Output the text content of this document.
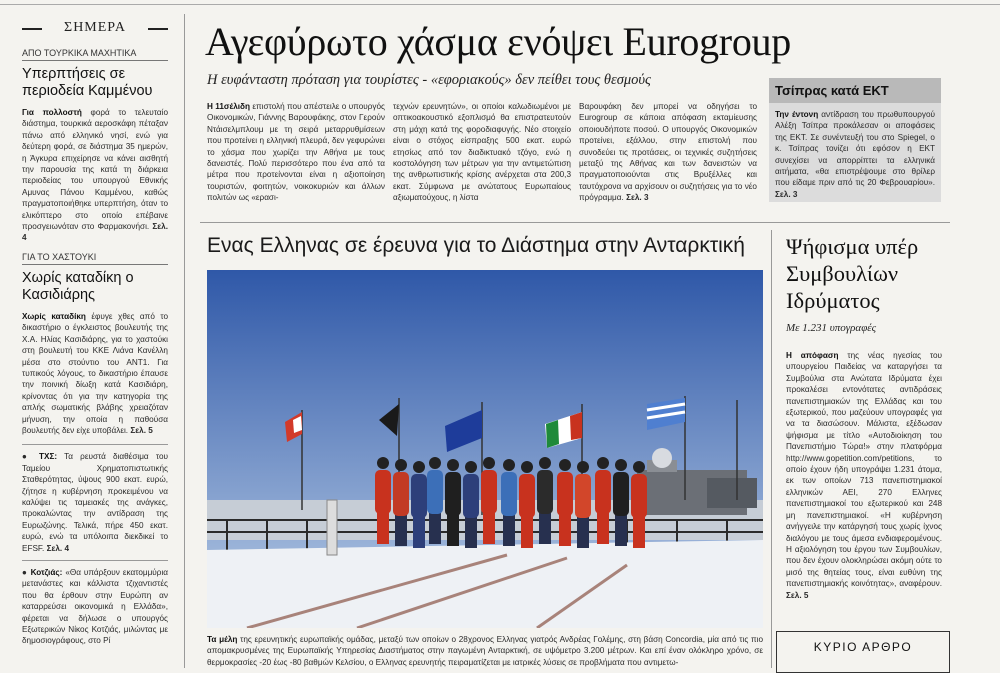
ΣΗΜΕΡΑ
ΑΠΟ ΤΟΥΡΚΙΚΑ ΜΑΧΗΤΙΚΑ
Υπερπτήσεις σε περιοδεία Καμμένου
Για πολλοστή φορά το τελευταίο διάστημα, τουρκικά αεροσκάφη πέταξαν πάνω από ελληνικό νησί, ενώ για δεύτερη φορά, σε διάστημα 35 ημερών, η Άγκυρα επιχείρησε να κάνει αισθητή την παρουσία της κατά τη διάρκεια περιοδείας του υπουργού Εθνικής Αμυνας Πάνου Καμμένου, καθώς πραγματοποιήθηκε υπερπτήση, όταν το ελικόπτερο στο οποίο επέβαινε προσγειωνόταν στο Φαρμακονήσι. Σελ. 4
ΓΙΑ ΤΟ ΧΑΣΤΟΥΚΙ
Χωρίς καταδίκη ο Κασιδιάρης
Χωρίς καταδίκη έφυγε χθες από το δικαστήριο ο έγκλειστος βουλευτής της Χ.Α. Ηλίας Κασιδιάρης, για το χαστούκι στη βουλευτή του ΚΚΕ Λιάνα Κανέλλη μέσα στο στούντιο του ΑΝΤ1. Για τυπικούς λόγους, το δικαστήριο έπαυσε την ποινική δίωξη κατά Κασιδιάρη, κρίνοντας ότι για την κατηγορία της απλής σωματικής βλάβης χρειαζόταν μήνυση, την οποία η παθούσα βουλευτής δεν είχε υποβάλει. Σελ. 5
● ΤΧΣ: Τα ρευστά διαθέσιμα του Ταμείου Χρηματοπιστωτικής Σταθερότητας, ύψους 900 εκατ. ευρώ, ζήτησε η κυβέρνηση προκειμένου να καλύψει τις ταμειακές της ανάγκες, προκαλώντας την αντίδραση της Ευρωζώνης. Τελικά, πήρε 450 εκατ. ευρώ, ενώ τα υπόλοιπα διεκδικεί το EFSF. Σελ. 4
● Κοτζιάς: «Θα υπάρξουν εκατομμύρια μετανάστες και κάλλιστα τζιχαντιστές που θα έρθουν στην Ευρώπη αν καταρρεύσει οικονομικά η Ελλάδα», φέρεται να δήλωσε ο υπουργός Εξωτερικών Νίκος Κοτζιάς, μιλώντας με δημοσιογράφους, στο Ρί
Αγεφύρωτο χάσμα ενόψει Eurogroup
Η ευφάνταστη πρόταση για τουρίστες - «εφοριακούς» δεν πείθει τους θεσμούς
Η 11σέλιδη επιστολή που απέστειλε ο υπουργός Οικονομικών, Γιάννης Βαρουφάκης, στον Γερούν Ντάισελμπλουμ με τη σειρά μεταρρυθμίσεων που προτείνει η ελληνική πλευρά, δεν γεφυρώνει το χάσμα που χωρίζει την Αθήνα με τους δανειστές. Πολύ περισσότερο που ένα από τα μέτρα που προτείνονται είναι η αξιοποίηση τουριστών, φοιτητών, νοικοκυριών και άλλων πολιτών ως «ερασι-
τεχνών ερευνητών», οι οποίοι καλωδιωμένοι με οπτικοακουστικό εξοπλισμό θα επιστρατευτούν στη μάχη κατά της φοροδιαφυγής. Νέο στοιχείο είναι ο στόχος είσπραξης 500 εκατ. ευρώ ετησίως από τον διαδικτυακό τζόγο, ενώ η κοστολόγηση των μέτρων για την αντιμετώπιση της ανθρωπιστικής κρίσης ανέρχεται στα 200,3 εκατ. Σύμφωνα με ανώτατους Ευρωπαίους αξιωματούχους, η λίστα
Βαρουφάκη δεν μπορεί να οδηγήσει το Eurogroup σε κάποια απόφαση εκταμίευσης οποιουδήποτε ποσού. Ο υπουργός Οικονομικών προτείνει, εξάλλου, στην επιστολή που συνοδεύει τις προτάσεις, οι τεχνικές συζητήσεις μεταξύ της Αθήνας και των δανειστών να πραγματοποιούνται στις Βρυξέλλες και ταυτόχρονα να αρχίσουν οι συζητήσεις για το νέο πρόγραμμα. Σελ. 3
Τσίπρας κατά ΕΚΤ
Την έντονη αντίδραση του πρωθυπουργού Αλέξη Τσίπρα προκάλεσαν οι αποφάσεις της ΕΚΤ. Σε συνέντευξή του στο Spiegel, ο κ. Τσίπρας τονίζει ότι εφόσον η ΕΚΤ συνεχίσει να απορρίπτει τα ελληνικά αιτήματα, «θα επιστρέψουμε στο θρίλερ που είδαμε πριν από τις 20 Φεβρουαρίου». Σελ. 3
Ενας Ελληνας σε έρευνα για το Διάστημα στην Ανταρκτική
Τα μέλη της ερευνητικής ευρωπαϊκής ομάδας, μεταξύ των οποίων ο 28χρονος Ελληνας γιατρός Ανδρέας Γολέμης, στη βάση Concordia, μία από τις πιο απομακρυσμένες της Ευρωπαϊκής Υπηρεσίας Διαστήματος στην παγωμένη Ανταρκτική, σε υψόμετρο 3.200 μέτρων. Και επί έναν ολόκληρο χρόνο, σε θερμοκρασίες -20 έως -80 βαθμών Κελσίου, ο Ελληνας ερευνητής πειραματίζεται με ιατρικές λύσεις σε προβλήματα που αντιμετω-
Ψήφισμα υπέρ Συμβουλίων Ιδρύματος
Με 1.231 υπογραφές
Η απόφαση της νέας ηγεσίας του υπουργείου Παιδείας να καταργήσει τα Συμβούλια στα Ανώτατα Ιδρύματα έχει προκαλέσει εντονότατες αντιδράσεις πανεπιστημιακών της Ελλάδας και του εξωτερικού, που μαζεύουν υπογραφές για να τα διασώσουν. Μάλιστα, εξέδωσαν ψήφισμα με τίτλο «Αυτοδιοίκηση του Πανεπιστήμιο Τώρα!» στην πλατφόρμα http://www.gopetition.com/petitions, το οποίο έχουν ήδη υπογράψει 1.231 άτομα, εκ των οποίων 713 πανεπιστημιακοί ελληνικών ΑΕΙ, 270 Ελληνες πανεπιστημιακοί του εξωτερικού και 248 μη πανεπιστημιακοί. «Η κυβέρνηση ανήγγειλε την κατάργησή τους χωρίς ίχνος διαλόγου με τους άμεσα ενδιαφερομένους. Η αξιολόγηση του έργου των Συμβουλίων, που δεν έχουν ολοκληρώσει ακόμη ούτε το μισό της θητείας τους, είναι ευθύνη της πανεπιστημιακής κοινότητας», αναφέρουν. Σελ. 5
ΚΥΡΙΟ ΑΡΘΡΟ
